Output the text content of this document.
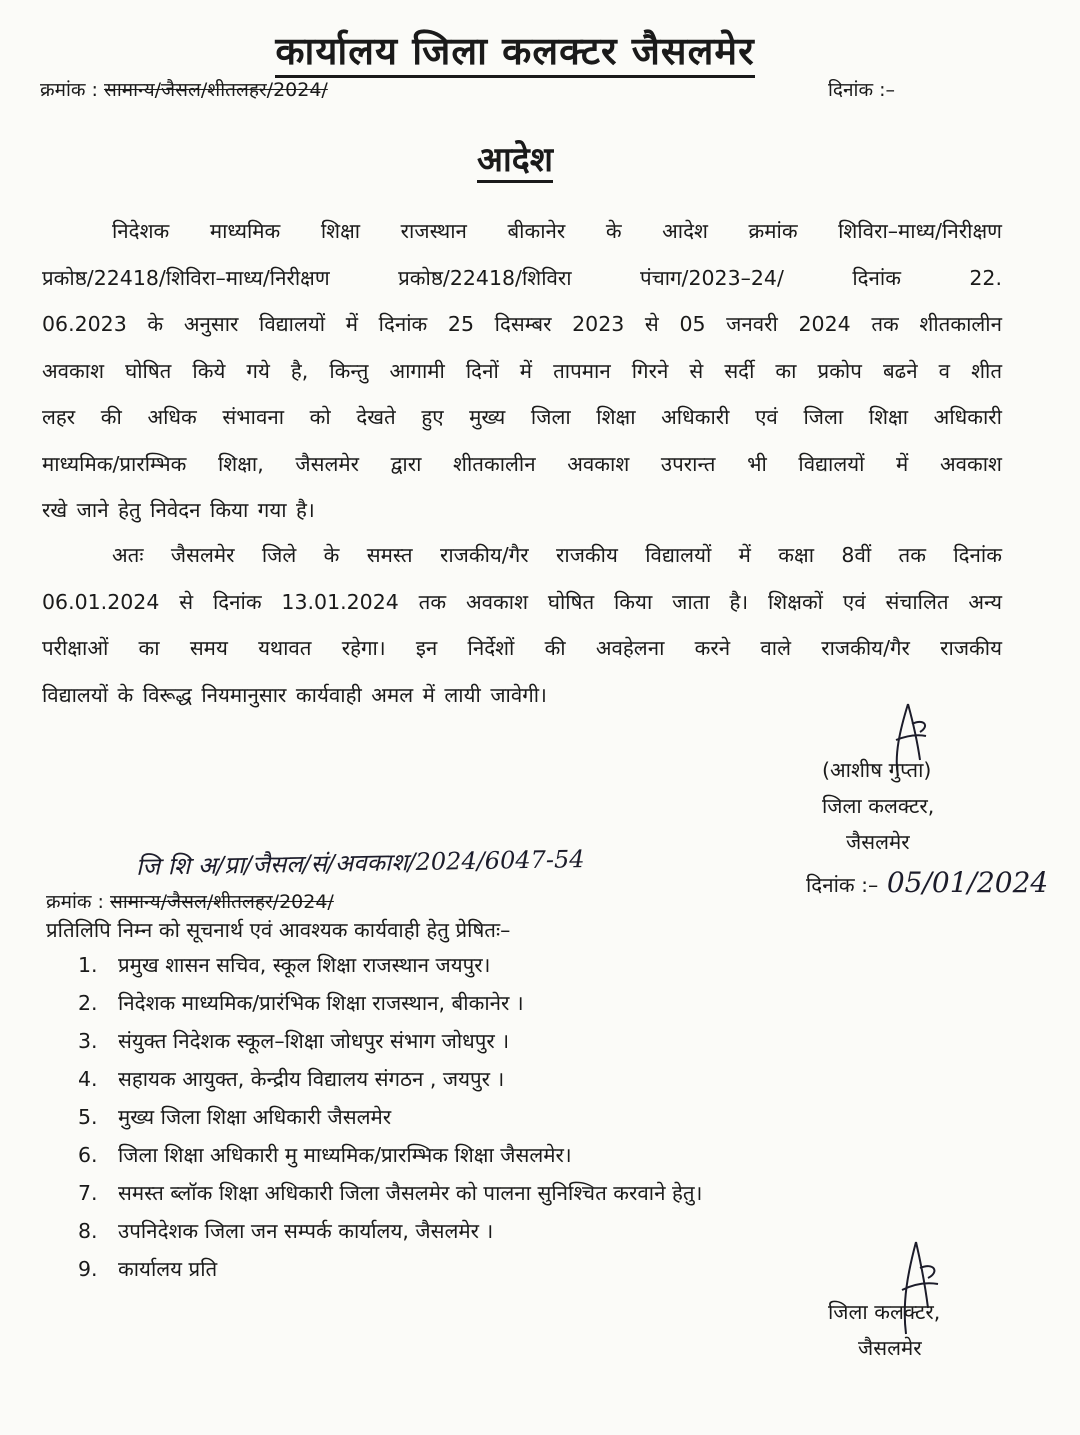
कार्यालय जिला कलक्टर जैसलमेर
क्रमांक : सामान्य/जैसल/शीतलहर/2024/	दिनांक :–
आदेश
निदेशक माध्यमिक शिक्षा राजस्थान बीकानेर के आदेश क्रमांक शिविरा–माध्य/निरीक्षण
प्रकोष्ठ/22418/शिविरा–माध्य/निरीक्षण प्रकोष्ठ/22418/शिविरा पंचाग/2023–24/ दिनांक 22.
06.2023 के अनुसार विद्यालयों में दिनांक 25 दिसम्बर 2023 से 05 जनवरी 2024 तक शीतकालीन
अवकाश घोषित किये गये है, किन्तु आगामी दिनों में तापमान गिरने से सर्दी का प्रकोप बढने व शीत
लहर की अधिक संभावना को देखते हुए मुख्य जिला शिक्षा अधिकारी एवं जिला शिक्षा अधिकारी
माध्यमिक/प्रारम्भिक शिक्षा, जैसलमेर द्वारा शीतकालीन अवकाश उपरान्त भी विद्यालयों में अवकाश
रखे जाने हेतु निवेदन किया गया है।
अतः जैसलमेर जिले के समस्त राजकीय/गैर राजकीय विद्यालयों में कक्षा 8वीं तक दिनांक
06.01.2024 से दिनांक 13.01.2024 तक अवकाश घोषित किया जाता है। शिक्षकों एवं संचालित अन्य
परीक्षाओं का समय यथावत रहेगा। इन निर्देशों की अवहेलना करने वाले राजकीय/गैर राजकीय
विद्यालयों के विरूद्ध नियमानुसार कार्यवाही अमल में लायी जावेगी।
(आशीष गुप्ता)
जिला कलक्टर,
जैसलमेर
जि शि अ/प्रा/जैसल/सं/अवकाश/2024/6047-54
क्रमांक : सामान्य/जैसल/शीतलहर/2024/
दिनांक :– 05/01/2024
प्रतिलिपि निम्न को सूचनार्थ एवं आवश्यक कार्यवाही हेतु प्रेषितः–
1. प्रमुख शासन सचिव, स्कूल शिक्षा राजस्थान जयपुर।
2. निदेशक माध्यमिक/प्रारंभिक शिक्षा राजस्थान, बीकानेर ।
3. संयुक्त निदेशक स्कूल–शिक्षा जोधपुर संभाग जोधपुर ।
4. सहायक आयुक्त, केन्द्रीय विद्यालय संगठन , जयपुर ।
5. मुख्य जिला शिक्षा अधिकारी जैसलमेर
6. जिला शिक्षा अधिकारी मु माध्यमिक/प्रारम्भिक शिक्षा जैसलमेर।
7. समस्त ब्लॉक शिक्षा अधिकारी जिला जैसलमेर को पालना सुनिश्चित करवाने हेतु।
8. उपनिदेशक जिला जन सम्पर्क कार्यालय, जैसलमेर ।
9. कार्यालय प्रति
जिला कलक्टर,
जैसलमेर
